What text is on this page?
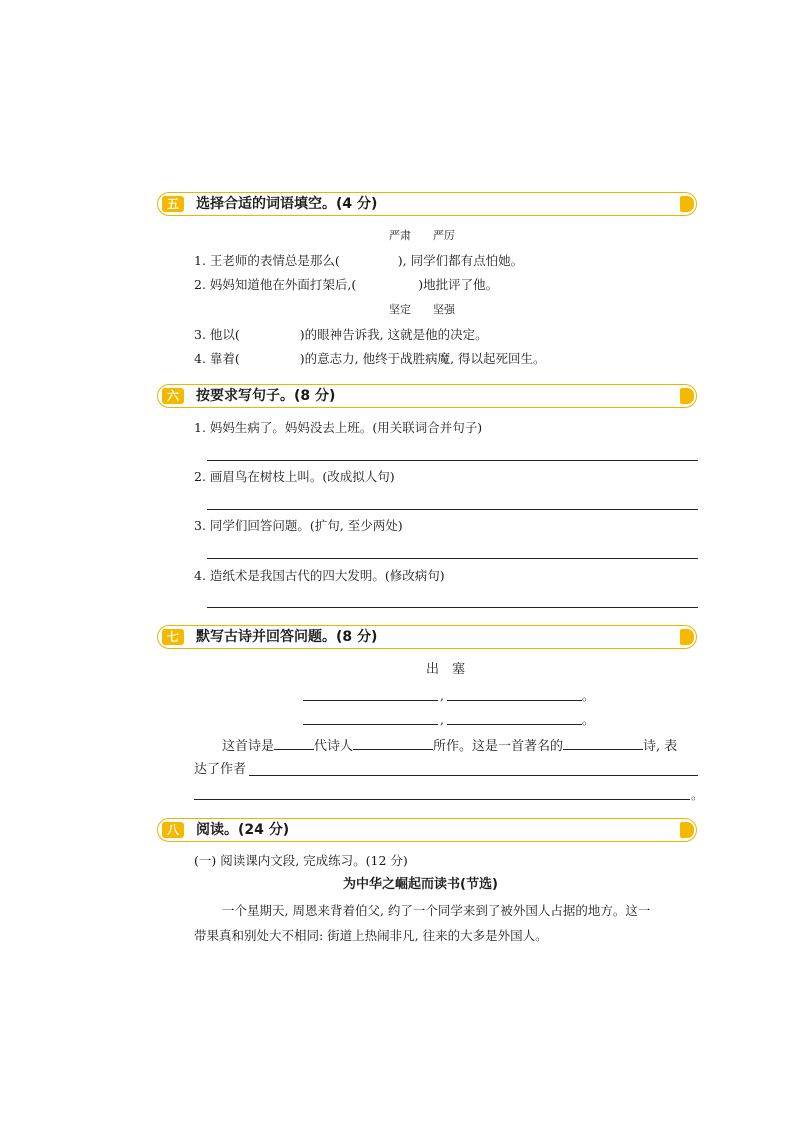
五	选择合适的词语填空。(4 分)
严肃　　严厉
1. 王老师的表情总是那么(	), 同学们都有点怕她。
2. 妈妈知道他在外面打架后,(	)地批评了他。
坚定　　坚强
3. 他以(	)的眼神告诉我, 这就是他的决定。
4. 靠着(	)的意志力, 他终于战胜病魔, 得以起死回生。
六	按要求写句子。(8 分)
1. 妈妈生病了。妈妈没去上班。(用关联词合并句子)
2. 画眉鸟在树枝上叫。(改成拟人句)
3. 同学们回答问题。(扩句, 至少两处)
4. 造纸术是我国古代的四大发明。(修改病句)
七	默写古诗并回答问题。(8 分)
出　塞
,	。
,	。
这首诗是	代诗人	所作。这是一首著名的	诗, 表
达了作者
。
八	阅读。(24 分)
(一) 阅读课内文段, 完成练习。(12 分)
为中华之崛起而读书(节选)
一个星期天, 周恩来背着伯父, 约了一个同学来到了被外国人占据的地方。这一
带果真和别处大不相同: 街道上热闹非凡, 往来的大多是外国人。
